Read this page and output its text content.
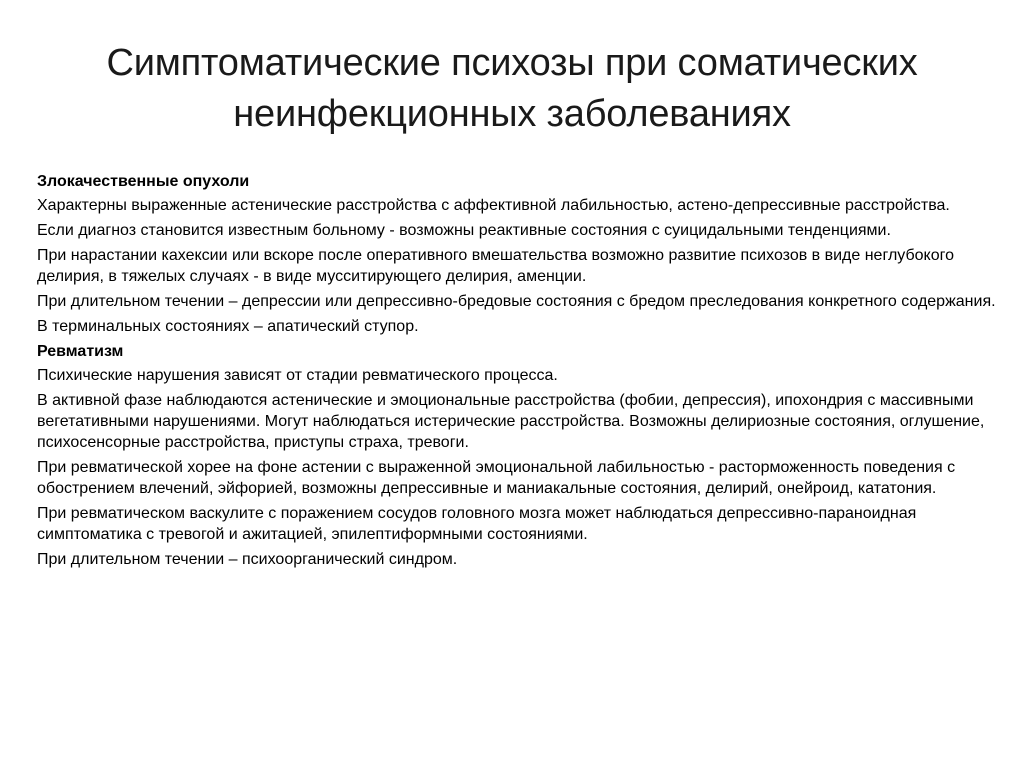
Симптоматические психозы при соматических
неинфекционных заболеваниях
Злокачественные опухоли
Характерны выраженные астенические расстройства с аффективной лабильностью, астено-депрессивные расстройства.
Если диагноз становится известным больному - возможны реактивные состояния с суицидальными тенденциями.
При нарастании кахексии или вскоре после оперативного вмешательства возможно развитие психозов в виде неглубокого делирия, в тяжелых случаях - в виде мусситирующего делирия, аменции.
При длительном течении – депрессии или депрессивно-бредовые состояния с бредом преследования конкретного содержания.
В терминальных состояниях – апатический ступор.
Ревматизм
Психические нарушения зависят от стадии ревматического процесса.
В активной фазе наблюдаются астенические и эмоциональные расстройства (фобии, депрессия), ипохондрия с массивными вегетативными нарушениями. Могут наблюдаться истерические расстройства. Возможны делириозные состояния, оглушение, психосенсорные расстройства, приступы страха, тревоги.
При ревматической хорее на фоне астении с выраженной эмоциональной лабильностью - расторможенность поведения с обострением влечений, эйфорией, возможны депрессивные и маниакальные состояния, делирий, онейроид, кататония.
При ревматическом васкулите с поражением сосудов головного мозга может наблюдаться депрессивно-параноидная симптоматика с тревогой и ажитацией, эпилептиформными состояниями.
При длительном течении – психоорганический синдром.
